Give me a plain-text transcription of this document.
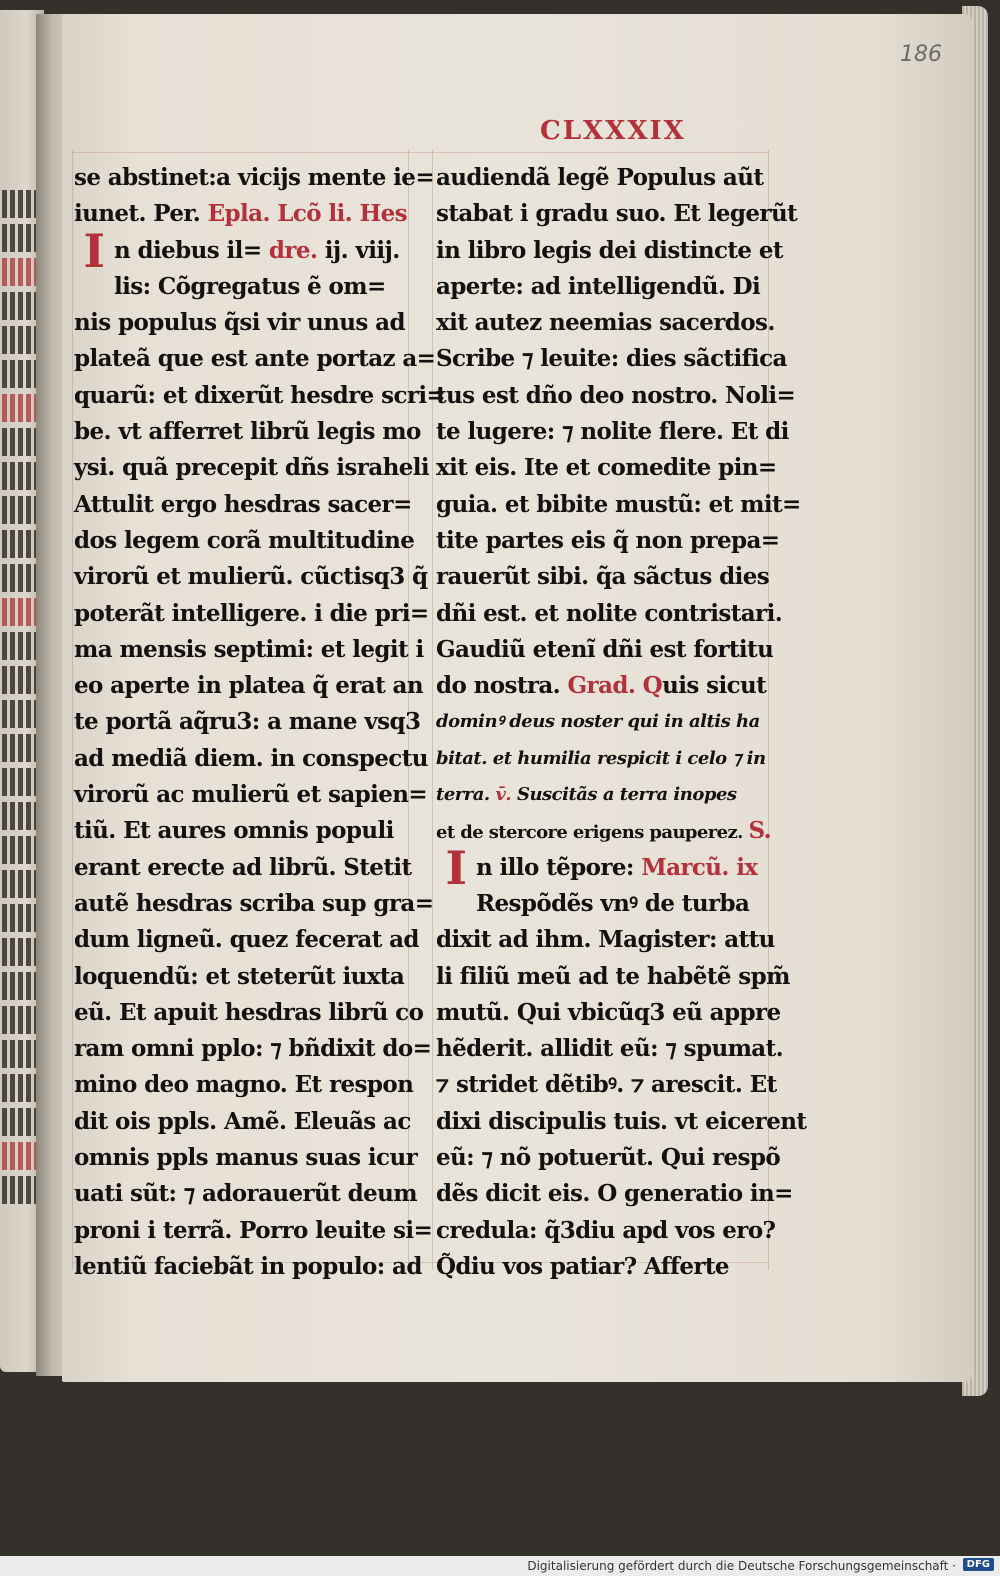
186
CLXXXIX
se abstinet:a vicijs mente ie=
iunet. Per. Epla. Lcõ li. Hes
In diebus il= dre. ij. viij.
lis: Cõgregatus ẽ om=
nis populus q̃si vir unus ad
plateã que est ante portaz a=
quarũ: et dixerũt hesdre scri=
be. vt afferret librũ legis mo
ysi. quã precepit dñs israheli
Attulit ergo hesdras sacer=
dos legem corã multitudine
virorũ et mulierũ. cũctisq3 q̃
poterãt intelligere. i die pri=
ma mensis septimi: et legit i
eo aperte in platea q̃ erat an
te portã aq̃ru3: a mane vsq3
ad mediã diem. in conspectu
virorũ ac mulierũ et sapien=
tiũ. Et aures omnis populi
erant erecte ad librũ. Stetit
autẽ hesdras scriba sup gra=
dum ligneũ. quez fecerat ad
loquendũ: et steterũt iuxta
eũ. Et apuit hesdras librũ co
ram omni pplo: ⁊ bñdixit do=
mino deo magno. Et respon
dit ois ppls. Amẽ. Eleuãs ac
omnis ppls manus suas icur
uati sũt: ⁊ adorauerũt deum
proni i terrã. Porro leuite si=
lentiũ faciebãt in populo: ad
audiendã legẽ Populus aũt
stabat i gradu suo. Et legerũt
in libro legis dei distincte et
aperte: ad intelligendũ. Di
xit autez neemias sacerdos.
Scribe ⁊ leuite: dies sãctifica
tus est dño deo nostro. Noli=
te lugere: ⁊ nolite flere. Et di
xit eis. Ite et comedite pin=
guia. et bibite mustũ: et mit=
tite partes eis q̃ non prepa=
rauerũt sibi. q̃a sãctus dies
dñi est. et nolite contristari.
Gaudiũ etenĩ dñi est fortitu
do nostra. Grad. Quis sicut
dominꝰ deus noster qui in altis ha
bitat. et humilia respicit i celo ⁊ in
terra. v̄. Suscitãs a terra inopes
et de stercore erigens pauperez. S.
In illo tẽpore: Marcũ. ix
Respõdẽs vnꝰ de turba
dixit ad ihm. Magister: attu
li filiũ meũ ad te habẽtẽ spm̃
mutũ. Qui vbicũq3 eũ appre
hẽderit. allidit eũ: ⁊ spumat.
⁊ stridet dẽtibꝰ. ⁊ arescit. Et
dixi discipulis tuis. vt eicerent
eũ: ⁊ nõ potuerũt. Qui respõ
dẽs dicit eis. O generatio in=
credula: q̃3diu apd vos ero?
Q̃diu vos patiar? Afferte
Digitalisierung gefördert durch die Deutsche Forschungsgemeinschaft ·	DFG
